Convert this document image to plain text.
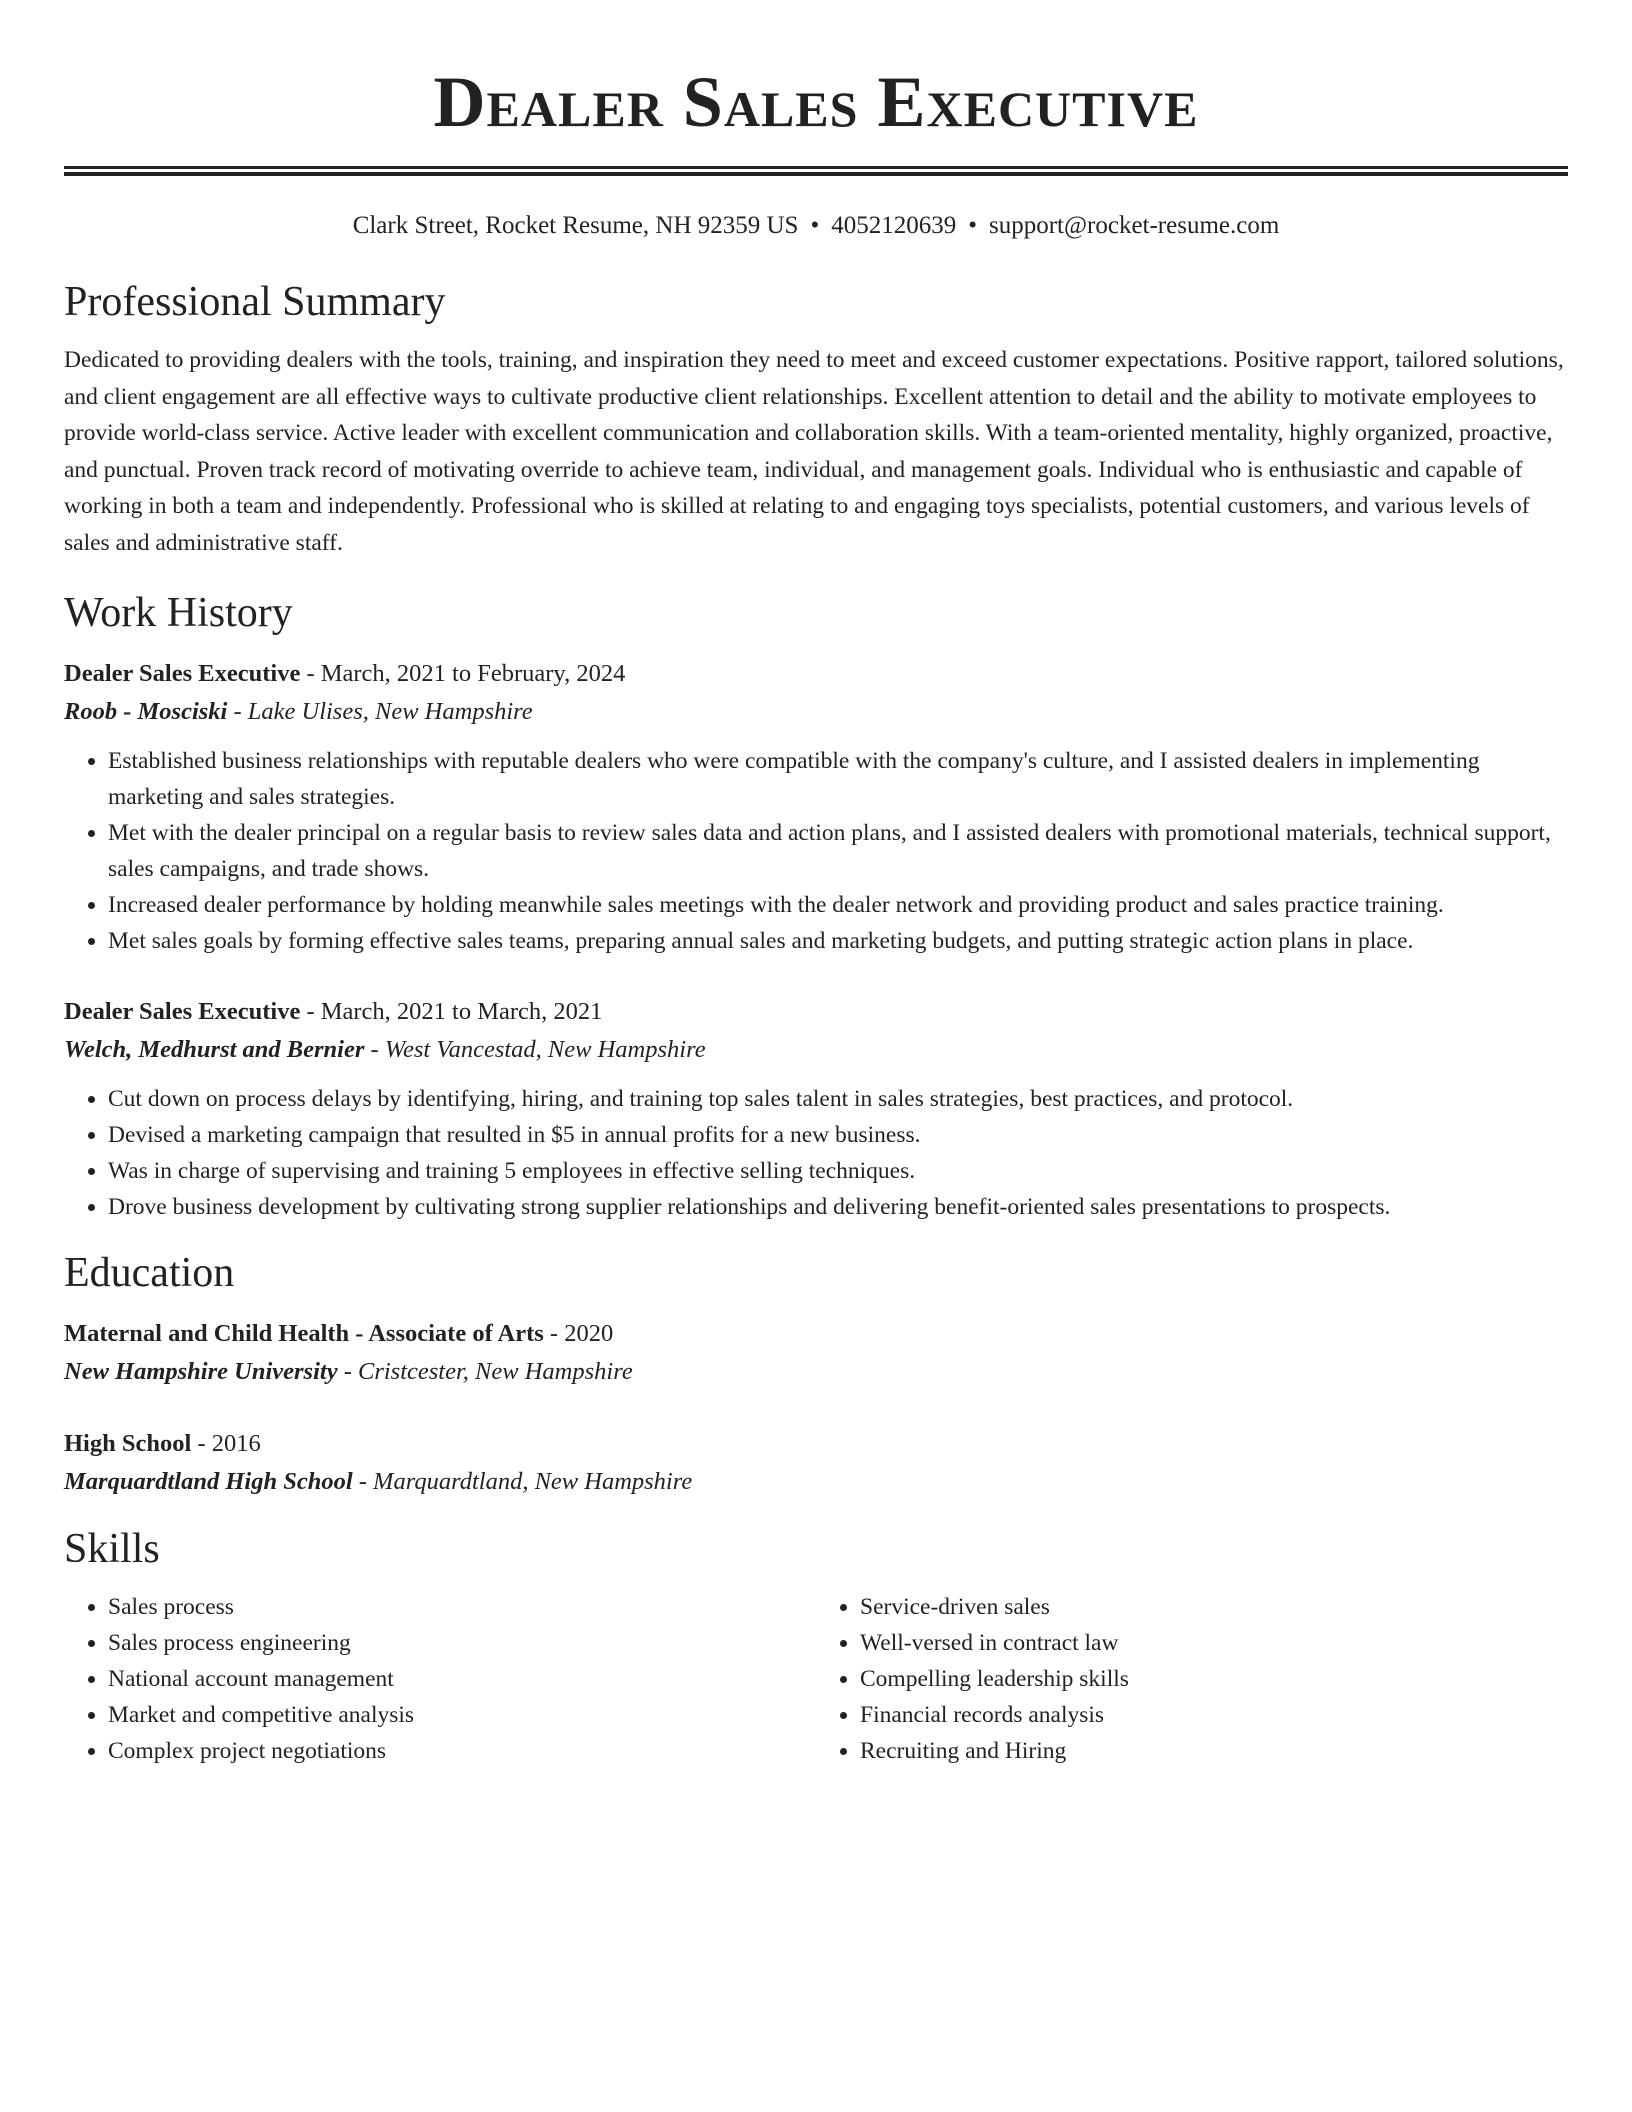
Dealer Sales Executive
Clark Street, Rocket Resume, NH 92359 US • 4052120639 • support@rocket-resume.com
Professional Summary

Dedicated to providing dealers with the tools, training, and inspiration they need to meet and exceed customer expectations. Positive rapport, tailored solutions, and client engagement are all effective ways to cultivate productive client relationships. Excellent attention to detail and the ability to motivate employees to provide world-class service. Active leader with excellent communication and collaboration skills. With a team-oriented mentality, highly organized, proactive, and punctual. Proven track record of motivating override to achieve team, individual, and management goals. Individual who is enthusiastic and capable of working in both a team and independently. Professional who is skilled at relating to and engaging toys specialists, potential customers, and various levels of sales and administrative staff.

Work History
Dealer Sales Executive - March, 2021 to February, 2024
Roob - Mosciski - Lake Ulises, New Hampshire
• Established business relationships with reputable dealers who were compatible with the company's culture, and I assisted dealers in implementing marketing and sales strategies.
• Met with the dealer principal on a regular basis to review sales data and action plans, and I assisted dealers with promotional materials, technical support, sales campaigns, and trade shows.
• Increased dealer performance by holding meanwhile sales meetings with the dealer network and providing product and sales practice training.
• Met sales goals by forming effective sales teams, preparing annual sales and marketing budgets, and putting strategic action plans in place.
Dealer Sales Executive - March, 2021 to March, 2021
Welch, Medhurst and Bernier - West Vancestad, New Hampshire
• Cut down on process delays by identifying, hiring, and training top sales talent in sales strategies, best practices, and protocol.
• Devised a marketing campaign that resulted in $5 in annual profits for a new business.
• Was in charge of supervising and training 5 employees in effective selling techniques.
• Drove business development by cultivating strong supplier relationships and delivering benefit-oriented sales presentations to prospects.
Education
Maternal and Child Health - Associate of Arts - 2020
New Hampshire University - Cristcester, New Hampshire
High School - 2016
Marquardtland High School - Marquardtland, New Hampshire
Skills
• Sales process
• Sales process engineering
• National account management
• Market and competitive analysis
• Complex project negotiations
• Service-driven sales
• Well-versed in contract law
• Compelling leadership skills
• Financial records analysis
• Recruiting and Hiring
